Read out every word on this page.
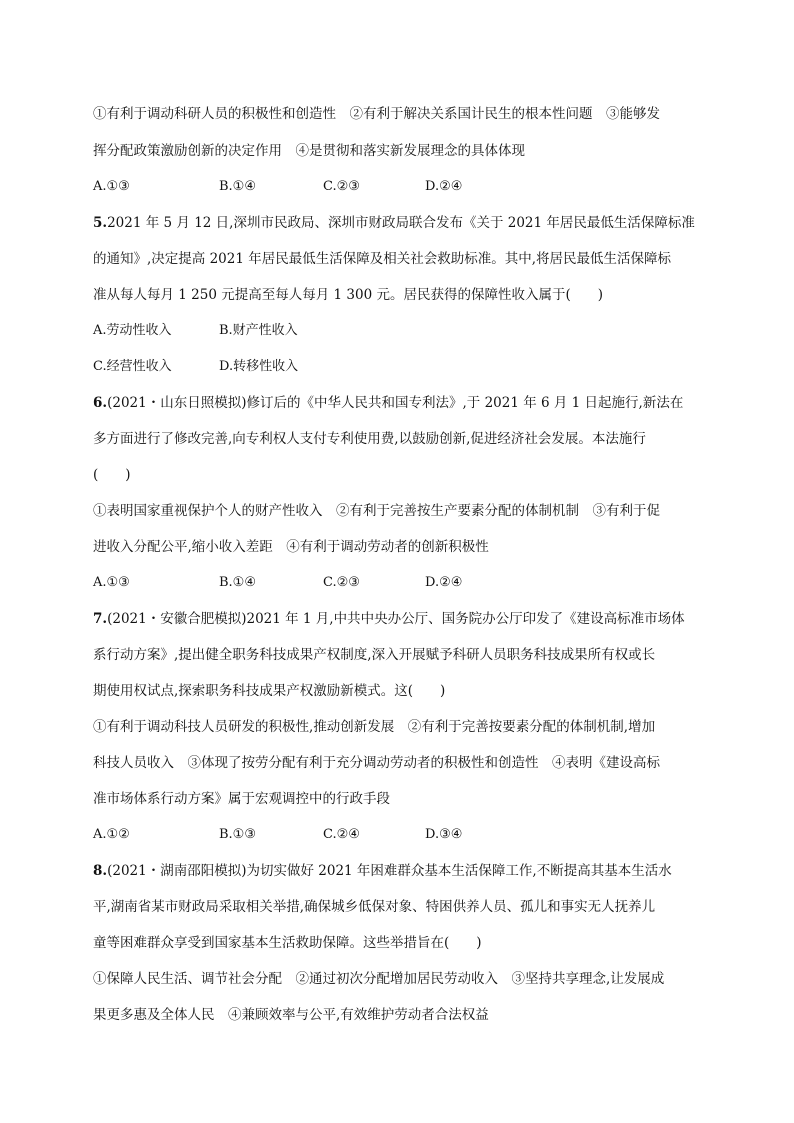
①有利于调动科研人员的积极性和创造性　②有利于解决关系国计民生的根本性问题　③能够发
挥分配政策激励创新的决定作用　④是贯彻和落实新发展理念的具体体现
A.①③	B.①④	C.②③	D.②④
5.2021 年 5 月 12 日,深圳市民政局、深圳市财政局联合发布《关于 2021 年居民最低生活保障标准
的通知》,决定提高 2021 年居民最低生活保障及相关社会救助标准。其中,将居民最低生活保障标
准从每人每月 1 250 元提高至每人每月 1 300 元。居民获得的保障性收入属于(　　)
A.劳动性收入	B.财产性收入
C.经营性收入	D.转移性收入
6.(2021・山东日照模拟)修订后的《中华人民共和国专利法》,于 2021 年 6 月 1 日起施行,新法在
多方面进行了修改完善,向专利权人支付专利使用费,以鼓励创新,促进经济社会发展。本法施行
(　　)
①表明国家重视保护个人的财产性收入　②有利于完善按生产要素分配的体制机制　③有利于促
进收入分配公平,缩小收入差距　④有利于调动劳动者的创新积极性
A.①③	B.①④	C.②③	D.②④
7.(2021・安徽合肥模拟)2021 年 1 月,中共中央办公厅、国务院办公厅印发了《建设高标准市场体
系行动方案》,提出健全职务科技成果产权制度,深入开展赋予科研人员职务科技成果所有权或长
期使用权试点,探索职务科技成果产权激励新模式。这(　　)
①有利于调动科技人员研发的积极性,推动创新发展　②有利于完善按要素分配的体制机制,增加
科技人员收入　③体现了按劳分配有利于充分调动劳动者的积极性和创造性　④表明《建设高标
准市场体系行动方案》属于宏观调控中的行政手段
A.①②	B.①③	C.②④	D.③④
8.(2021・湖南邵阳模拟)为切实做好 2021 年困难群众基本生活保障工作,不断提高其基本生活水
平,湖南省某市财政局采取相关举措,确保城乡低保对象、特困供养人员、孤儿和事实无人抚养儿
童等困难群众享受到国家基本生活救助保障。这些举措旨在(　　)
①保障人民生活、调节社会分配　②通过初次分配增加居民劳动收入　③坚持共享理念,让发展成
果更多惠及全体人民　④兼顾效率与公平,有效维护劳动者合法权益
